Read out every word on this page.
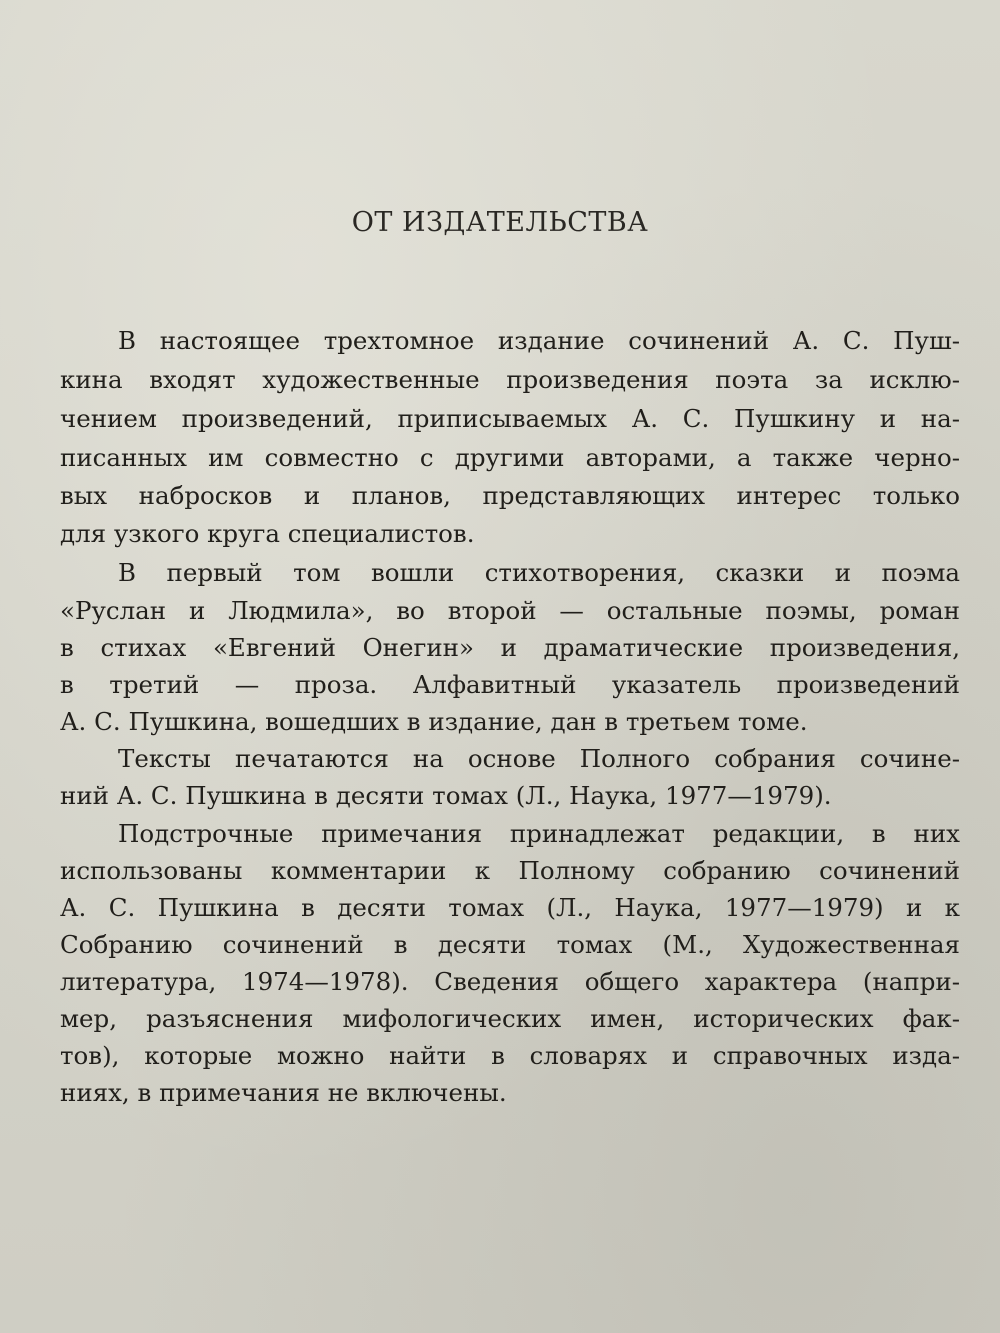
ОТ ИЗДАТЕЛЬСТВА
В настоящее трехтомное издание сочинений А. С. Пуш-
кина входят художественные произведения поэта за исклю-
чением произведений, приписываемых А. С. Пушкину и на-
писанных им совместно с другими авторами, а также черно-
вых набросков и планов, представляющих интерес только
для узкого круга специалистов.
В первый том вошли стихотворения, сказки и поэма
«Руслан и Людмила», во второй — остальные поэмы, роман
в стихах «Евгений Онегин» и драматические произведения,
в третий — проза. Алфавитный указатель произведений
А. С. Пушкина, вошедших в издание, дан в третьем томе.
Тексты печатаются на основе Полного собрания сочине-
ний А. С. Пушкина в десяти томах (Л., Наука, 1977—1979).
Подстрочные примечания принадлежат редакции, в них
использованы комментарии к Полному собранию сочинений
А. С. Пушкина в десяти томах (Л., Наука, 1977—1979) и к
Собранию сочинений в десяти томах (М., Художественная
литература, 1974—1978). Сведения общего характера (напри-
мер, разъяснения мифологических имен, исторических фак-
тов), которые можно найти в словарях и справочных изда-
ниях, в примечания не включены.
